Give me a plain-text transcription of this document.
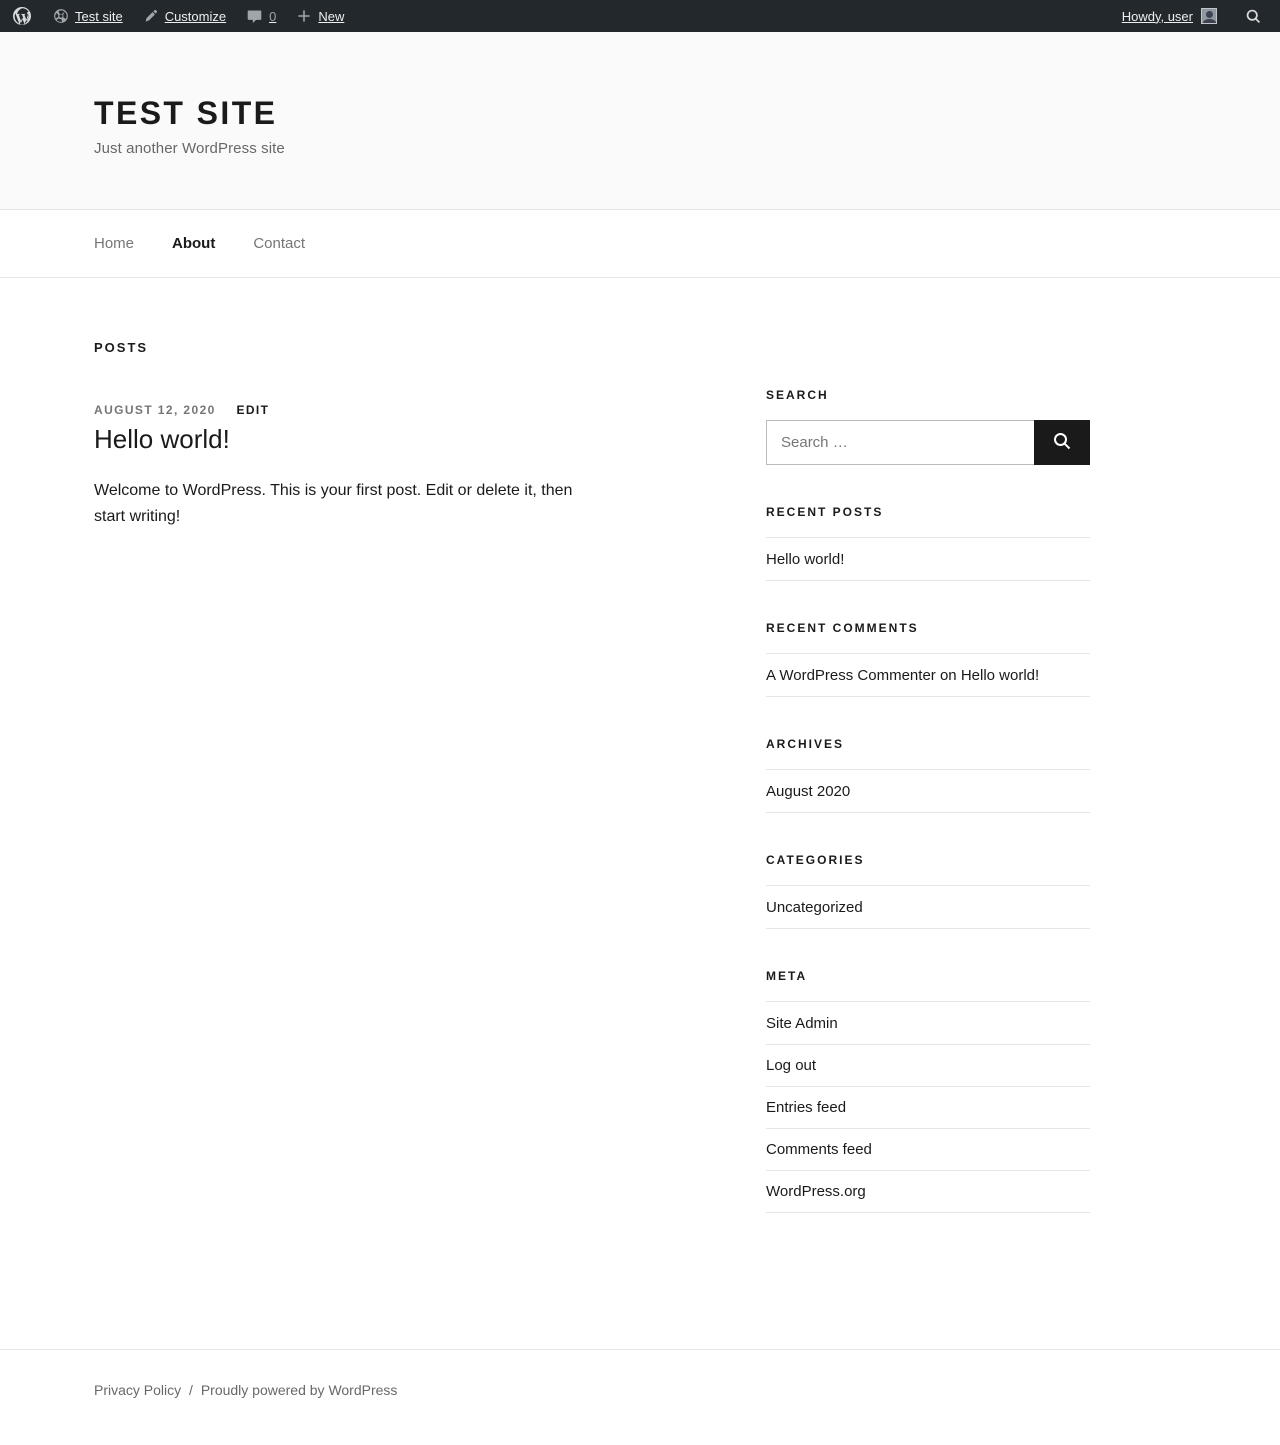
Test site	Customize	0	New	Howdy, user
TEST SITE

Just another WordPress site

Home	About	Contact
POSTS
AUGUST 12, 2020 EDIT
Hello world!

Welcome to WordPress. This is your first post. Edit or delete it, then start writing!

SEARCH
Search …
RECENT POSTS
Hello world!
RECENT COMMENTS
A WordPress Commenter on Hello world!
ARCHIVES
August 2020
CATEGORIES
Uncategorized
META
Site Admin
Log out
Entries feed
Comments feed
WordPress.org
Privacy Policy / Proudly powered by WordPress
